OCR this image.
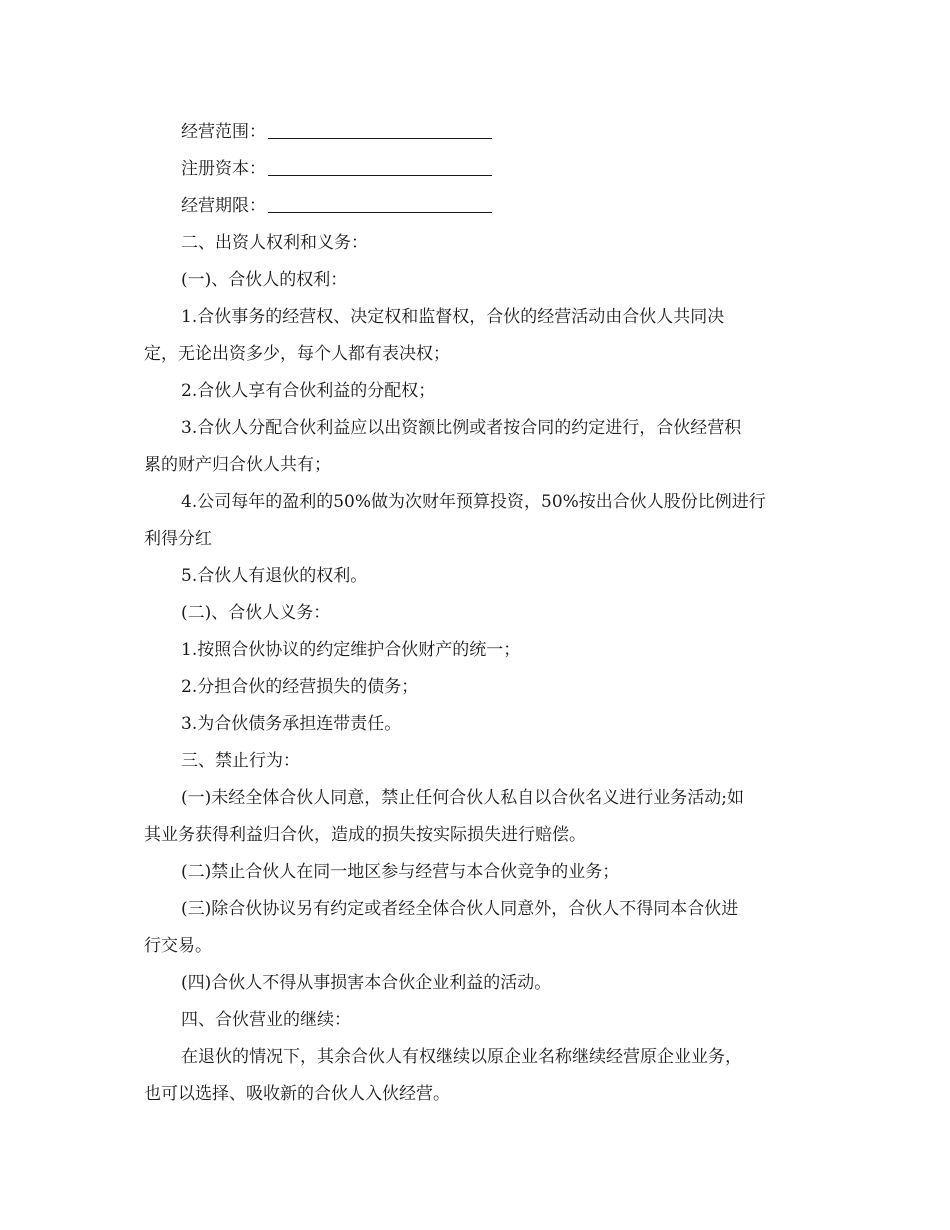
经营范围：
注册资本：
经营期限：
二、出资人权利和义务：
(一)、合伙人的权利：
1.合伙事务的经营权、决定权和监督权，合伙的经营活动由合伙人共同决
定，无论出资多少，每个人都有表决权；
2.合伙人享有合伙利益的分配权；
3.合伙人分配合伙利益应以出资额比例或者按合同的约定进行，合伙经营积
累的财产归合伙人共有；
4.公司每年的盈利的50%做为次财年预算投资，50%按出合伙人股份比例进行
利得分红
5.合伙人有退伙的权利。
(二)、合伙人义务：
1.按照合伙协议的约定维护合伙财产的统一；
2.分担合伙的经营损失的债务；
3.为合伙债务承担连带责任。
三、禁止行为：
(一)未经全体合伙人同意，禁止任何合伙人私自以合伙名义进行业务活动;如
其业务获得利益归合伙，造成的损失按实际损失进行赔偿。
(二)禁止合伙人在同一地区参与经营与本合伙竞争的业务；
(三)除合伙协议另有约定或者经全体合伙人同意外，合伙人不得同本合伙进
行交易。
(四)合伙人不得从事损害本合伙企业利益的活动。
四、合伙营业的继续：
在退伙的情况下，其余合伙人有权继续以原企业名称继续经营原企业业务，
也可以选择、吸收新的合伙人入伙经营。
